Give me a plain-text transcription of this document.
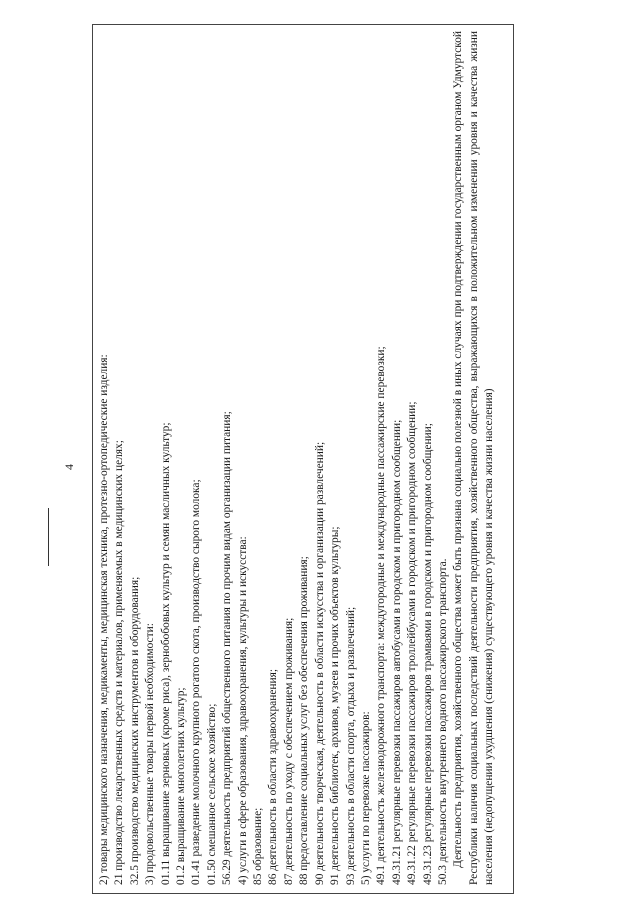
4 2) товары медицинского назначения, медикаменты, медицинская техника, протезно-ортопедические изделия: 21 производство лекарственных средств и материалов, применяемых в медицинских целях; 32.5 производство медицинских инструментов и оборудования; 3) продовольственные товары первой необходимости: 01.11 выращивание зерновых (кроме риса), зернобобовых культур и семян масличных культур; 01.2 выращивание многолетних культур; 01.41 разведение молочного крупного рогатого скота, производство сырого молока; 01.50 смешанное сельское хозяйство; 56.29 деятельность предприятий общественного питания по прочим видам организации питания; 4) услуги в сфере образования, здравоохранения, культуры и искусства: 85 образование; 86 деятельность в области здравоохранения; 87 деятельность по уходу с обеспечением проживания; 88 предоставление социальных услуг без обеспечения проживания; 90 деятельность творческая, деятельность в области искусства и организации развлечений; 91 деятельность библиотек, архивов, музеев и прочих объектов культуры; 93 деятельность в области спорта, отдыха и развлечений; 5) услуги по перевозке пассажиров: 49.1 деятельность железнодорожного транспорта: междугородные и международные пассажирские перевозки; 49.31.21 регулярные перевозки пассажиров автобусами в городском и пригородном сообщении; 49.31.22 регулярные перевозки пассажиров троллейбусами в городском и пригородном сообщении; 49.31.23 регулярные перевозки пассажиров трамваями в городском и пригородном сообщении; 50.3 деятельность внутреннего водного пассажирского транспорта. Деятельность предприятия, хозяйственного общества может быть признана социально полезной в иных случаях при подтверждении государственным органом Удмуртской Республики наличия социальных последствий деятельности предприятия, хозяйственного общества, выражающихся в положительном изменении уровня и качества жизни населения (недопущении ухудшения (снижения) существующего уровня и качества жизни населения)
